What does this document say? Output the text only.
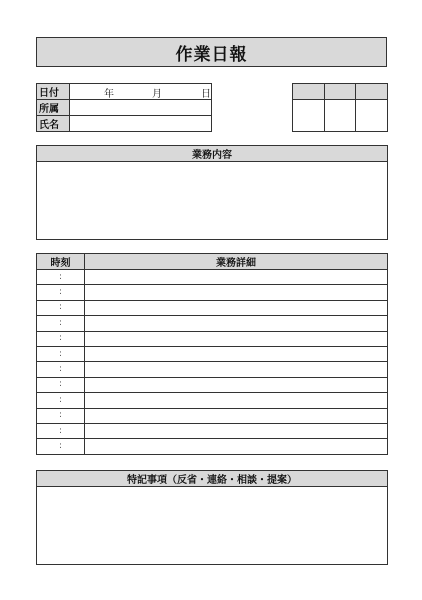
作業日報
日付	年 月 日

所属	
氏名	

業務内容

時刻	業務詳細
:	
:	
:	
:	
:	
:	
:	
:	
:	
:	
:	
:	
特記事項（反省・連絡・相談・提案）
